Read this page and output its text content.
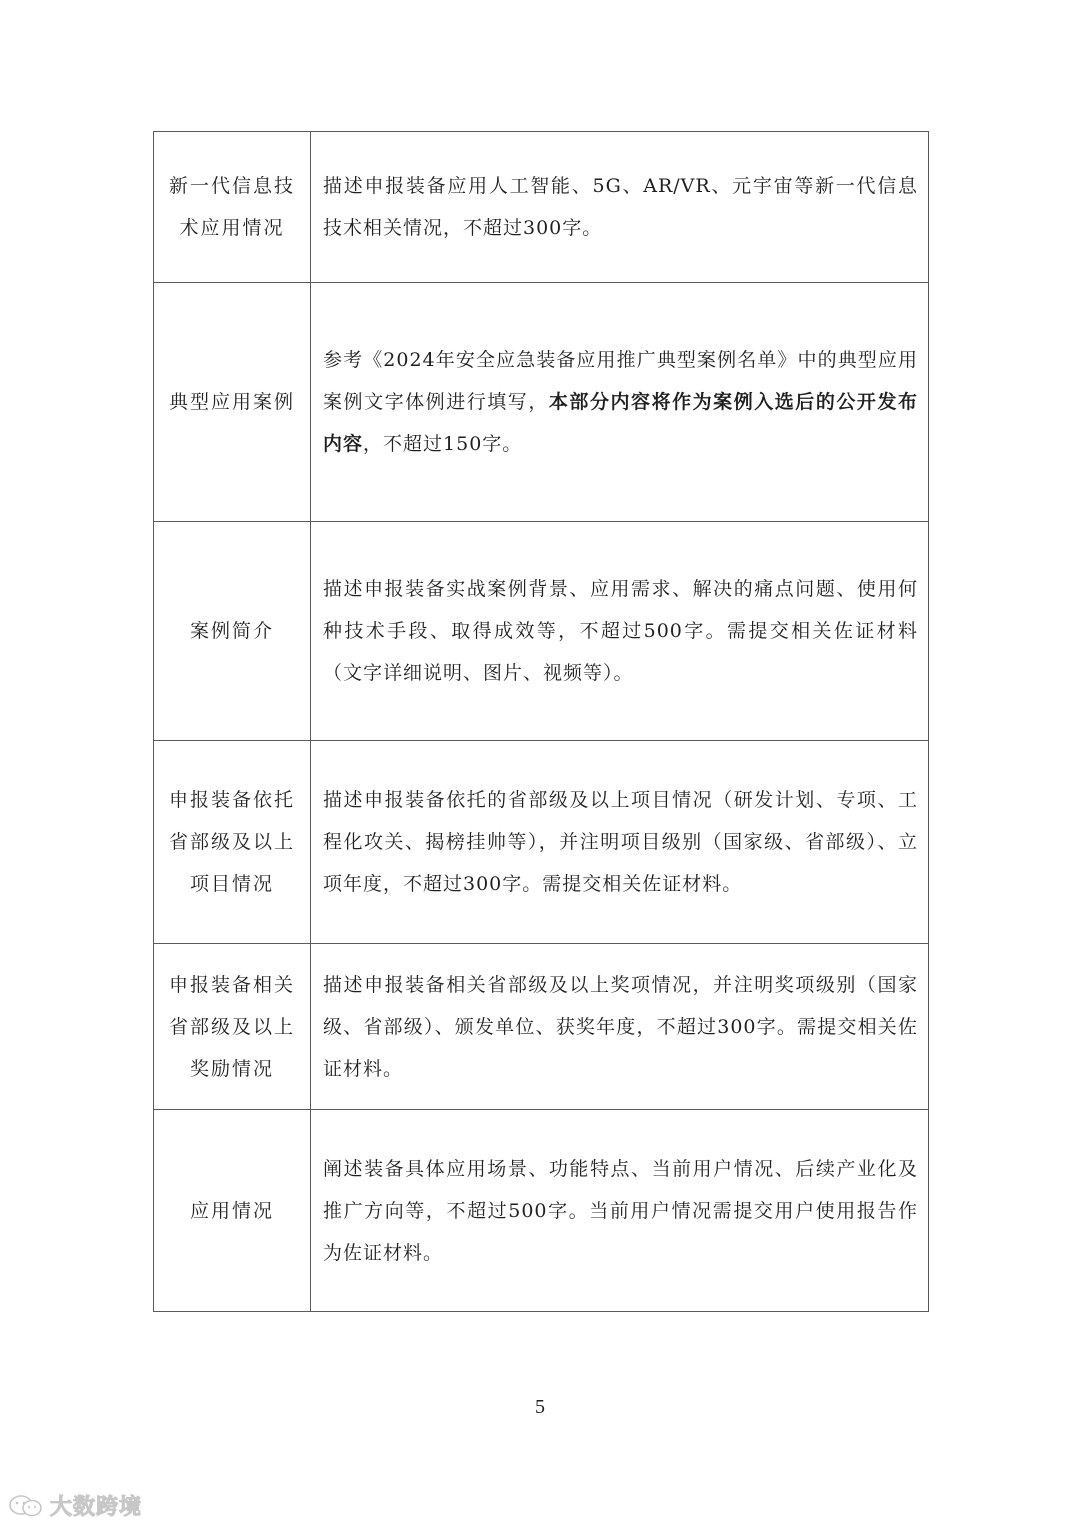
新一代信息技术应用情况	描述申报装备应用人工智能、5G、AR/VR、元宇宙等新一代信息技术相关情况，不超过300字。

典型应用案例	参考《2024年安全应急装备应用推广典型案例名单》中的典型应用案例文字体例进行填写，本部分内容将作为案例入选后的公开发布内容，不超过150字。

案例简介	描述申报装备实战案例背景、应用需求、解决的痛点问题、使用何种技术手段、取得成效等，不超过500字。需提交相关佐证材料（文字详细说明、图片、视频等）。

申报装备依托省部级及以上项目情况	描述申报装备依托的省部级及以上项目情况（研发计划、专项、工程化攻关、揭榜挂帅等），并注明项目级别（国家级、省部级）、立项年度，不超过300字。需提交相关佐证材料。

申报装备相关省部级及以上奖励情况	描述申报装备相关省部级及以上奖项情况，并注明奖项级别（国家级、省部级）、颁发单位、获奖年度，不超过300字。需提交相关佐证材料。

应用情况	阐述装备具体应用场景、功能特点、当前用户情况、后续产业化及推广方向等，不超过500字。当前用户情况需提交用户使用报告作为佐证材料。
5
大数跨境
